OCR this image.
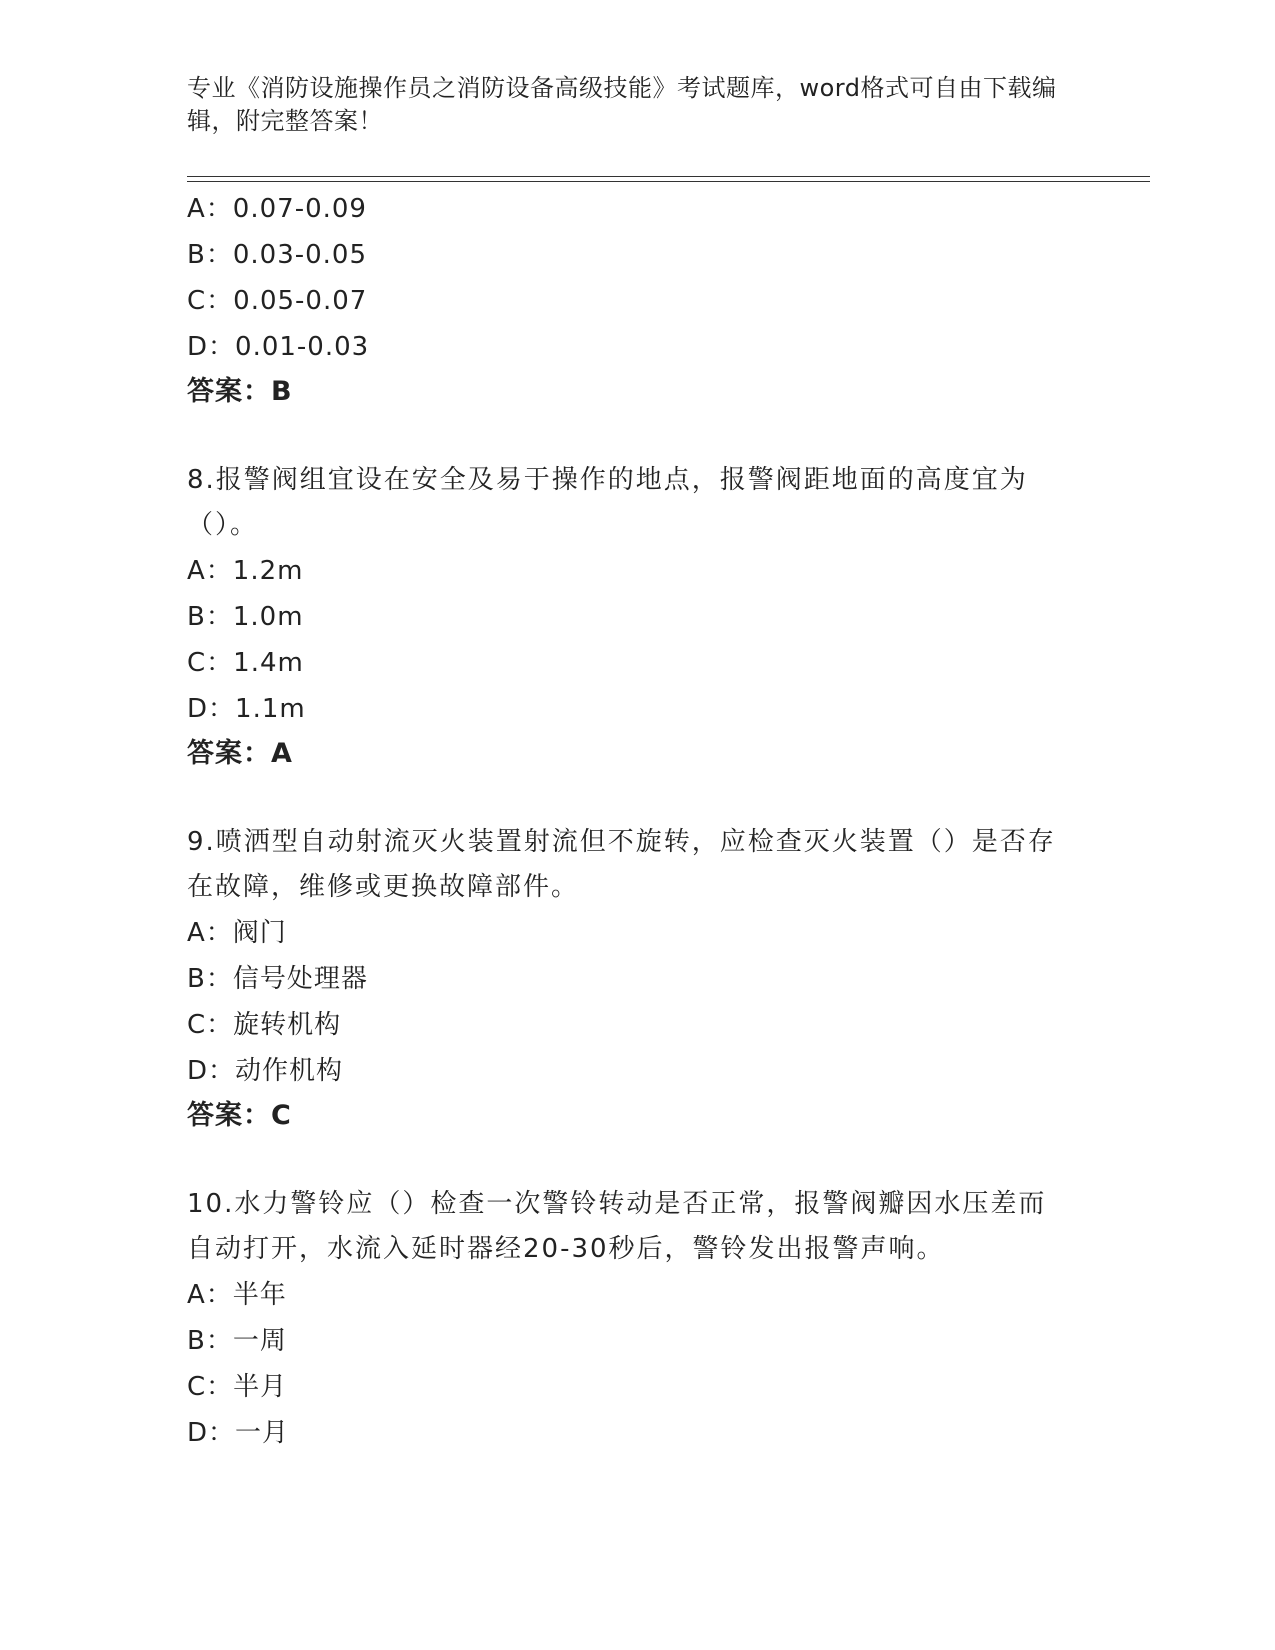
专业《消防设施操作员之消防设备高级技能》考试题库，word格式可自由下载编辑，附完整答案！

A：0.07-0.09
B：0.03-0.05
C：0.05-0.07
D：0.01-0.03
答案：B

8.报警阀组宜设在安全及易于操作的地点，报警阀距地面的高度宜为（）。

A：1.2m
B：1.0m
C：1.4m
D：1.1m
答案：A

9.喷洒型自动射流灭火装置射流但不旋转，应检查灭火装置（）是否存在故障，维修或更换故障部件。

A：阀门
B：信号处理器
C：旋转机构
D：动作机构
答案：C

10.水力警铃应（）检查一次警铃转动是否正常，报警阀瓣因水压差而自动打开，水流入延时器经20-30秒后，警铃发出报警声响。

A：半年
B：一周
C：半月
D：一月
